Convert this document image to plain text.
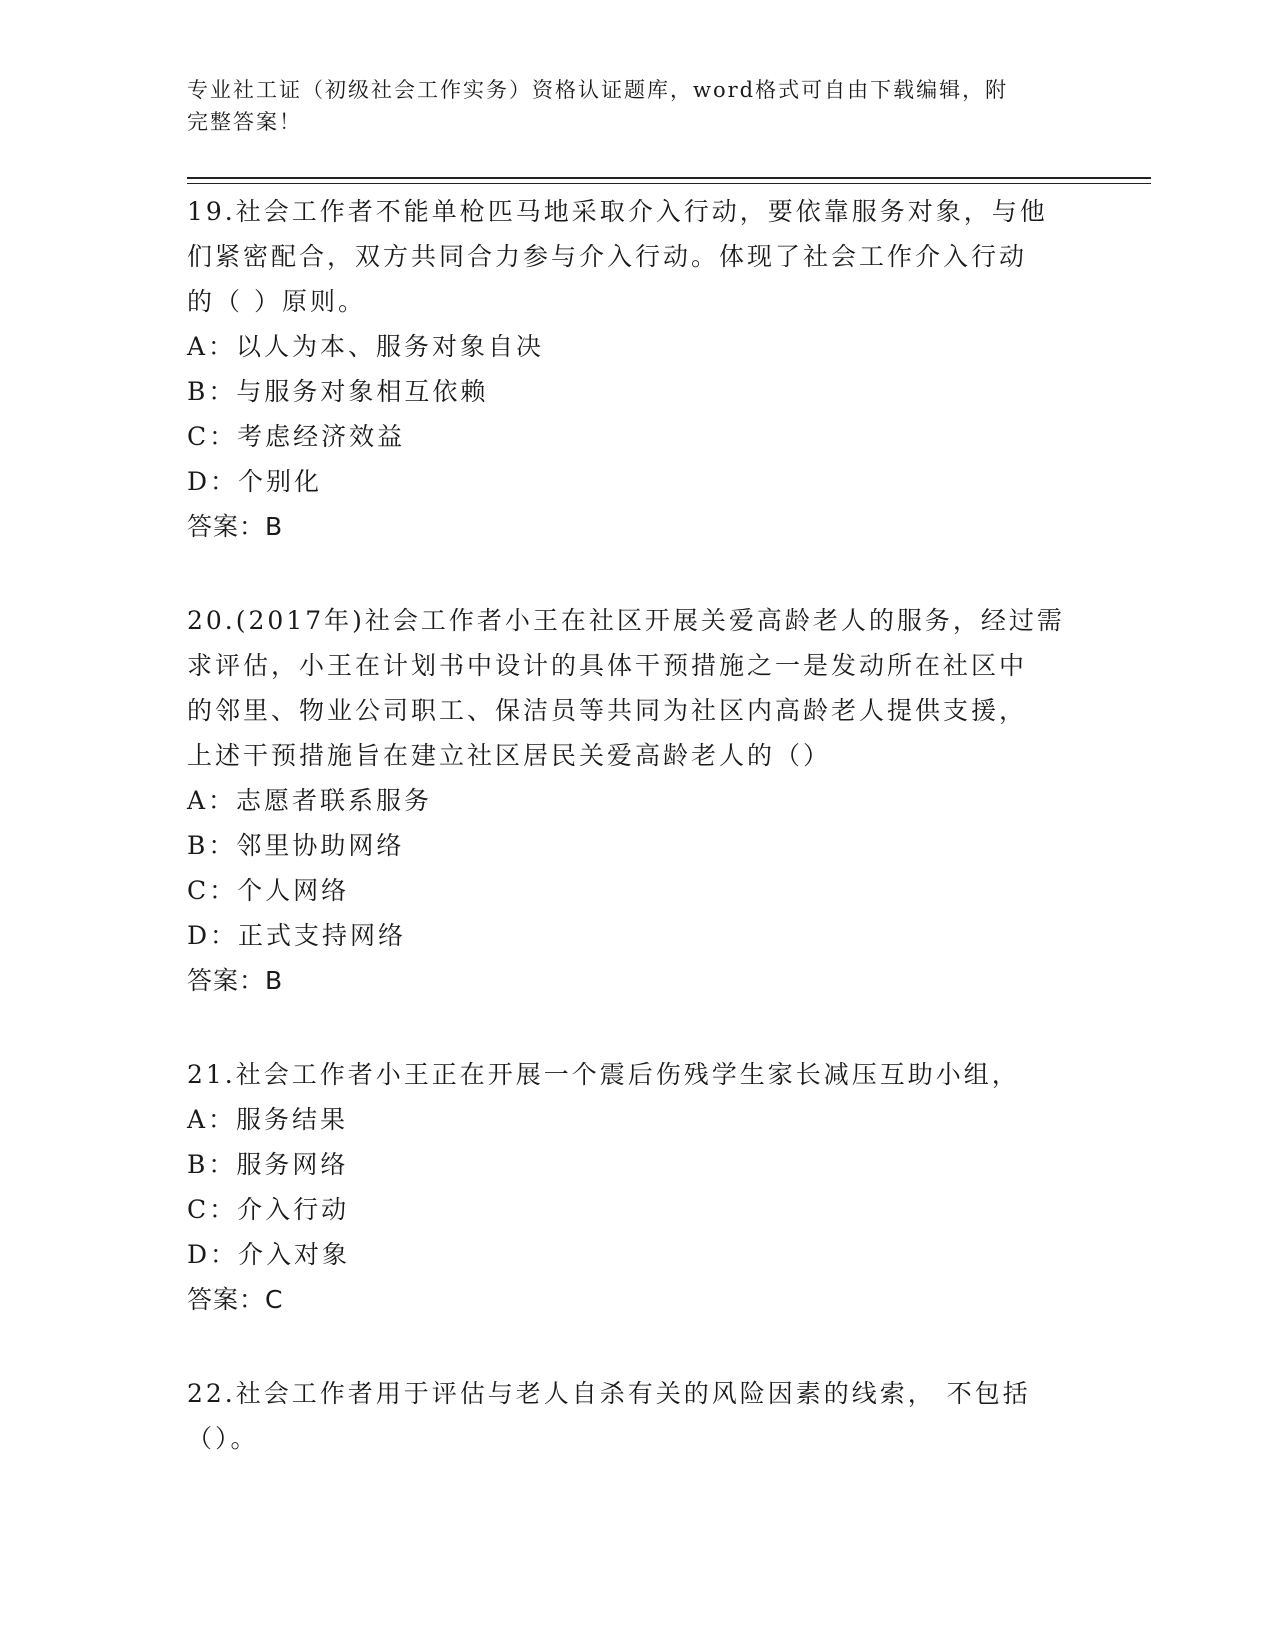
专业社工证（初级社会工作实务）资格认证题库，word格式可自由下载编辑，附
完整答案！

19.社会工作者不能单枪匹马地采取介入行动，要依靠服务对象，与他

们紧密配合，双方共同合力参与介入行动。体现了社会工作介入行动

的（ ）原则。

A：以人为本、服务对象自决

B：与服务对象相互依赖

C：考虑经济效益

D：个别化

答案：B

20.(2017年)社会工作者小王在社区开展关爱高龄老人的服务，经过需

求评估，小王在计划书中设计的具体干预措施之一是发动所在社区中

的邻里、物业公司职工、保洁员等共同为社区内高龄老人提供支援，

上述干预措施旨在建立社区居民关爱高龄老人的（）

A：志愿者联系服务

B：邻里协助网络

C：个人网络

D：正式支持网络

答案：B

21.社会工作者小王正在开展一个震后伤残学生家长减压互助小组，

A：服务结果

B：服务网络

C：介入行动

D：介入对象

答案：C

22.社会工作者用于评估与老人自杀有关的风险因素的线索， 不包括

（）。
